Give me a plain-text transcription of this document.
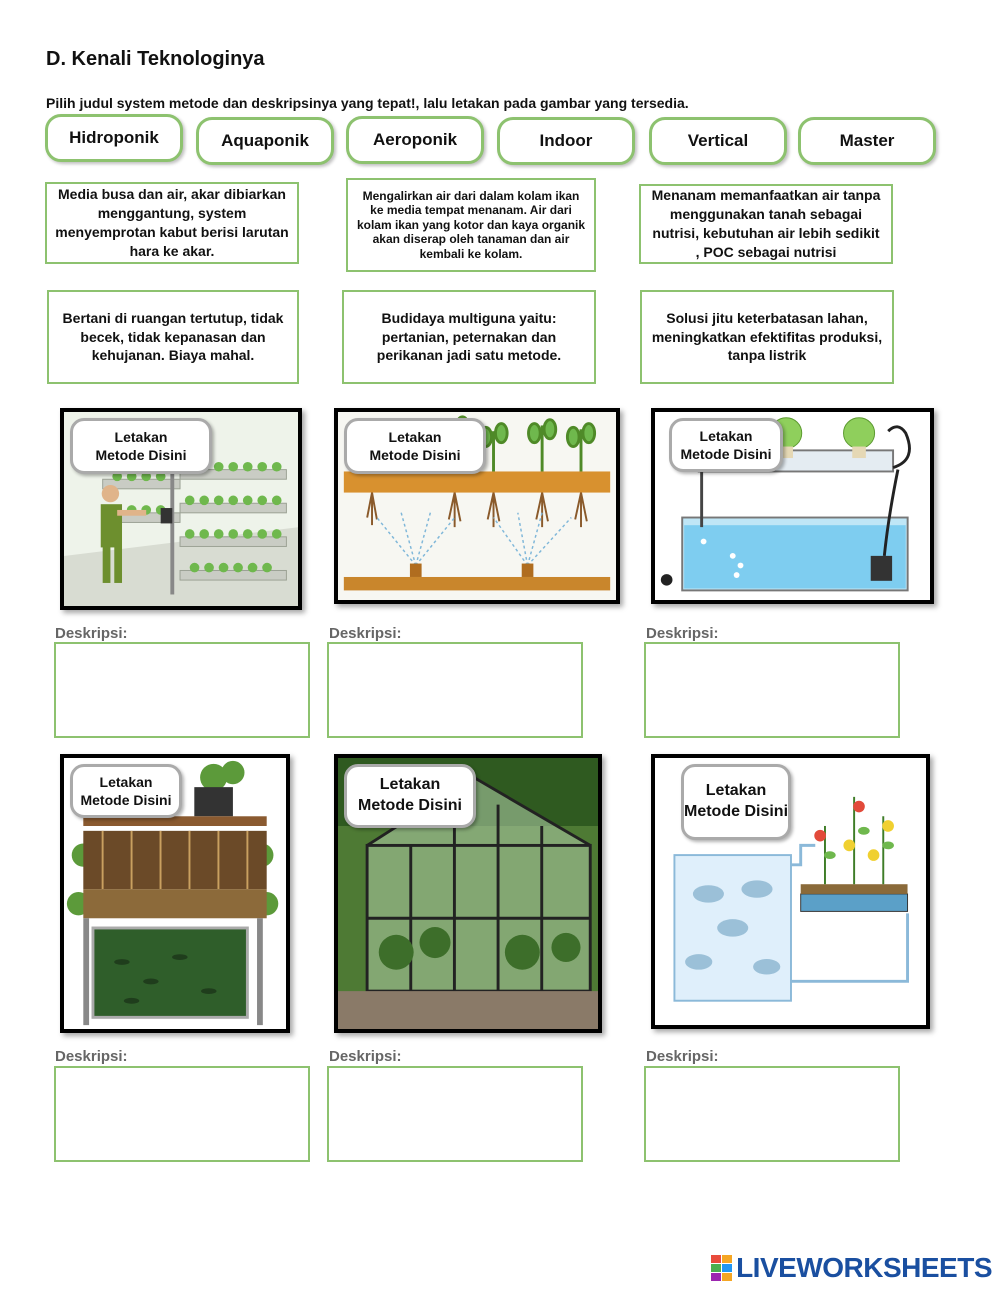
D. Kenali Teknologinya
Pilih judul system metode dan deskripsinya yang tepat!, lalu letakan pada gambar yang tersedia.
Hidroponik	Aquaponik	Aeroponik	Indoor	Vertical	Master
Media busa dan air, akar dibiarkan menggantung, system menyemprotan kabut berisi larutan hara ke akar.
Mengalirkan air dari dalam kolam ikan ke media tempat menanam. Air dari kolam ikan yang kotor dan kaya organik akan diserap oleh tanaman dan air kembali ke kolam.
Menanam memanfaatkan air tanpa menggunakan tanah sebagai nutrisi, kebutuhan air lebih sedikit , POC sebagai nutrisi
Bertani di ruangan tertutup, tidak becek, tidak kepanasan dan kehujanan. Biaya mahal.
Budidaya multiguna yaitu: pertanian, peternakan dan perikanan jadi satu metode.
Solusi jitu keterbatasan lahan, meningkatkan efektifitas produksi, tanpa listrik
Letakan
Metode Disini
Letakan
Metode Disini
Letakan
Metode Disini
Deskripsi:	Deskripsi:	Deskripsi:
Letakan
Metode Disini
Letakan
Metode Disini
Letakan
Metode Disini
Deskripsi:	Deskripsi:	Deskripsi:
LIVEWORKSHEETS
